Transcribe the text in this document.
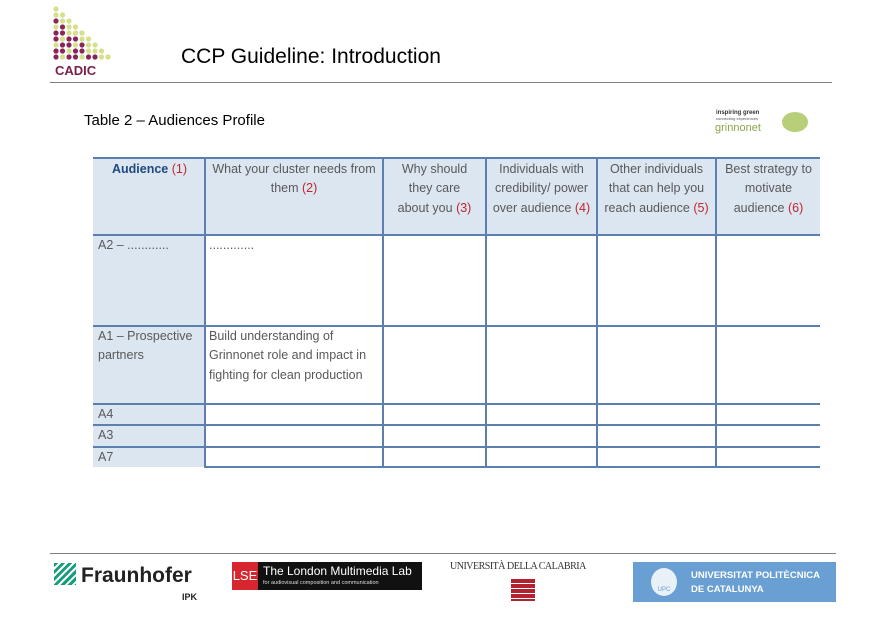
CADIC
CCP Guideline: Introduction
Table 2 – Audiences Profile	inspiring green
connecting experiences
grinnonet
Audience (1)	What your cluster needs from them (2)	Why should they care about you (3)	Individuals with credibility/ power over audience (4)	Other individuals that can help you reach audience (5)	Best strategy to motivate audience (6)
A2 – ............	.............				
A1 – Prospective partners	Build understanding of Grinnonet role and impact in fighting for clean production				
A4					
A3					
A7					
Fraunhofer
IPK
LSE The London Multimedia Lab
for audiovisual composition and communication
UNIVERSITÀ DELLA CALABRIA
UPC
UNIVERSITAT POLITÈCNICA
DE CATALUNYA
